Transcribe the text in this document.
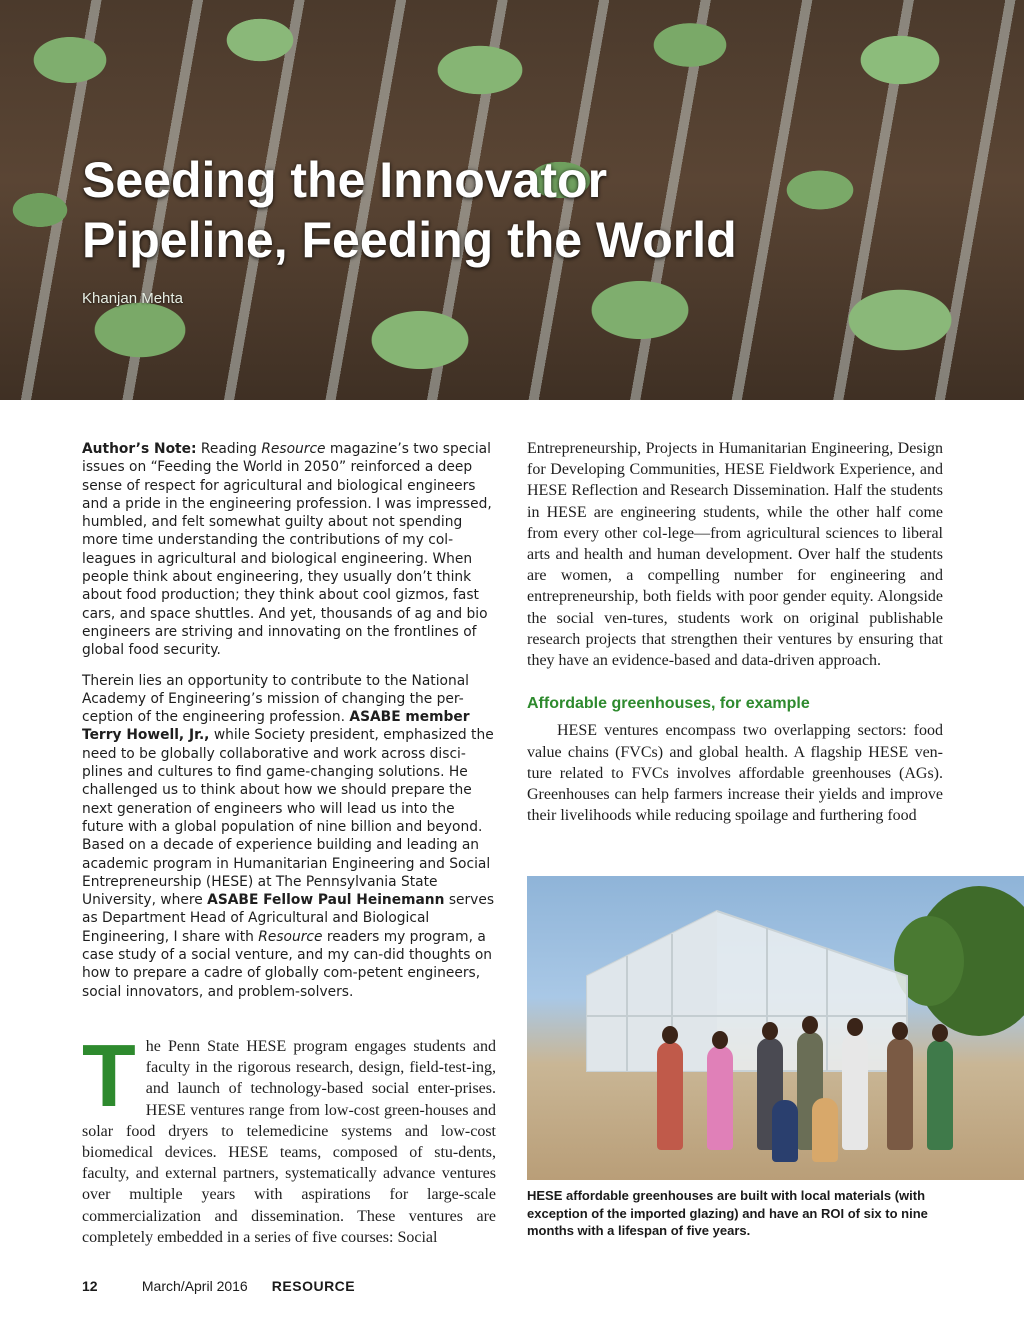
Seeding the Innovator
Pipeline, Feeding the World
Khanjan Mehta

Author’s Note: Reading Resource magazine’s two special issues on “Feeding the World in 2050” reinforced a deep sense of respect for agricultural and biological engineers and a pride in the engineering profession. I was impressed, humbled, and felt somewhat guilty about not spending more time understanding the contributions of my col-leagues in agricultural and biological engineering. When people think about engineering, they usually don’t think about food production; they think about cool gizmos, fast cars, and space shuttles. And yet, thousands of ag and bio engineers are striving and innovating on the frontlines of global food security.

Therein lies an opportunity to contribute to the National Academy of Engineering’s mission of changing the per-ception of the engineering profession. ASABE member Terry Howell, Jr., while Society president, emphasized the need to be globally collaborative and work across disci-plines and cultures to find game-changing solutions. He challenged us to think about how we should prepare the next generation of engineers who will lead us into the future with a global population of nine billion and beyond. Based on a decade of experience building and leading an academic program in Humanitarian Engineering and Social Entrepreneurship (HESE) at The Pennsylvania State University, where ASABE Fellow Paul Heinemann serves as Department Head of Agricultural and Biological Engineering, I share with Resource readers my program, a case study of a social venture, and my can-did thoughts on how to prepare a cadre of globally com-petent engineers, social innovators, and problem-solvers.

The Penn State HESE program engages students and faculty in the rigorous research, design, field-test-ing, and launch of technology-based social enter-prises. HESE ventures range from low-cost green-houses and solar food dryers to telemedicine systems and low-cost biomedical devices. HESE teams, composed of stu-dents, faculty, and external partners, systematically advance ventures over multiple years with aspirations for large-scale commercialization and dissemination. These ventures are completely embedded in a series of five courses: Social

Entrepreneurship, Projects in Humanitarian Engineering, Design for Developing Communities, HESE Fieldwork Experience, and HESE Reflection and Research Dissemination. Half the students in HESE are engineering students, while the other half come from every other col-lege—from agricultural sciences to liberal arts and health and human development. Over half the students are women, a compelling number for engineering and entrepreneurship, both fields with poor gender equity. Alongside the social ven-tures, students work on original publishable research projects that strengthen their ventures by ensuring that they have an evidence-based and data-driven approach.

Affordable greenhouses, for example

HESE ventures encompass two overlapping sectors: food value chains (FVCs) and global health. A flagship HESE ven-ture related to FVCs involves affordable greenhouses (AGs). Greenhouses can help farmers increase their yields and improve their livelihoods while reducing spoilage and furthering food

HESE affordable greenhouses are built with local materials (with exception of the imported glazing) and have an ROI of six to nine months with a lifespan of five years.
12	March/April 2016 RESOURCE
